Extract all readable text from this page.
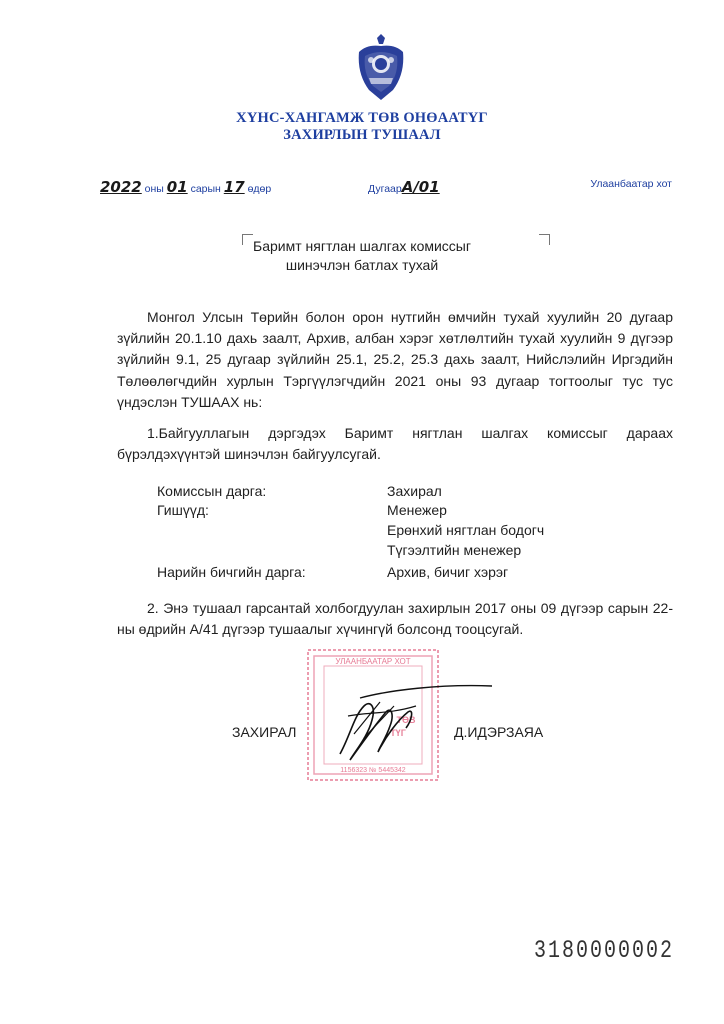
ХҮНС-ХАНГАМЖ ТӨВ ОНӨААТҮГ
ЗАХИРЛЫН ТУШААЛ
2022 оны 01 сарын 17 өдөр	ДугаарA/01	Улаанбаатар хот
Баримт нягтлан шалгах комиссыг
шинэчлэн батлах тухай
Монгол Улсын Төрийн болон орон нутгийн өмчийн тухай хуулийн 20 дугаар зүйлийн 20.1.10 дахь заалт, Архив, албан хэрэг хөтлөлтийн тухай хуулийн 9 дүгээр зүйлийн 9.1, 25 дугаар зүйлийн 25.1, 25.2, 25.3 дахь заалт, Нийслэлийн Иргэдийн Төлөөлөгчдийн хурлын Тэргүүлэгчдийн 2021 оны 93 дугаар тогтоолыг тус тус үндэслэн ТУШААХ нь:
1.Байгууллагын дэргэдэх Баримт нягтлан шалгах комиссыг дараах бүрэлдэхүүнтэй шинэчлэн байгуулсугай.
Комиссын дарга:	Захирал
Гишүүд:	Менежер
Ерөнхий нягтлан бодогч
Түгээлтийн менежер
Нарийн бичгийн дарга:	Архив, бичиг хэрэг
2. Энэ тушаал гарсантай холбогдуулан захирлын 2017 оны 09 дүгээр сарын 22-ны өдрийн А/41 дүгээр тушаалыг хүчингүй болсонд тооцсугай.
УЛААНБААТАР ХОТ
1156323 № 5445342
ТӨВ
ТҮГ
ЗАХИРАЛ	Д.ИДЭРЗАЯА
3180000002
